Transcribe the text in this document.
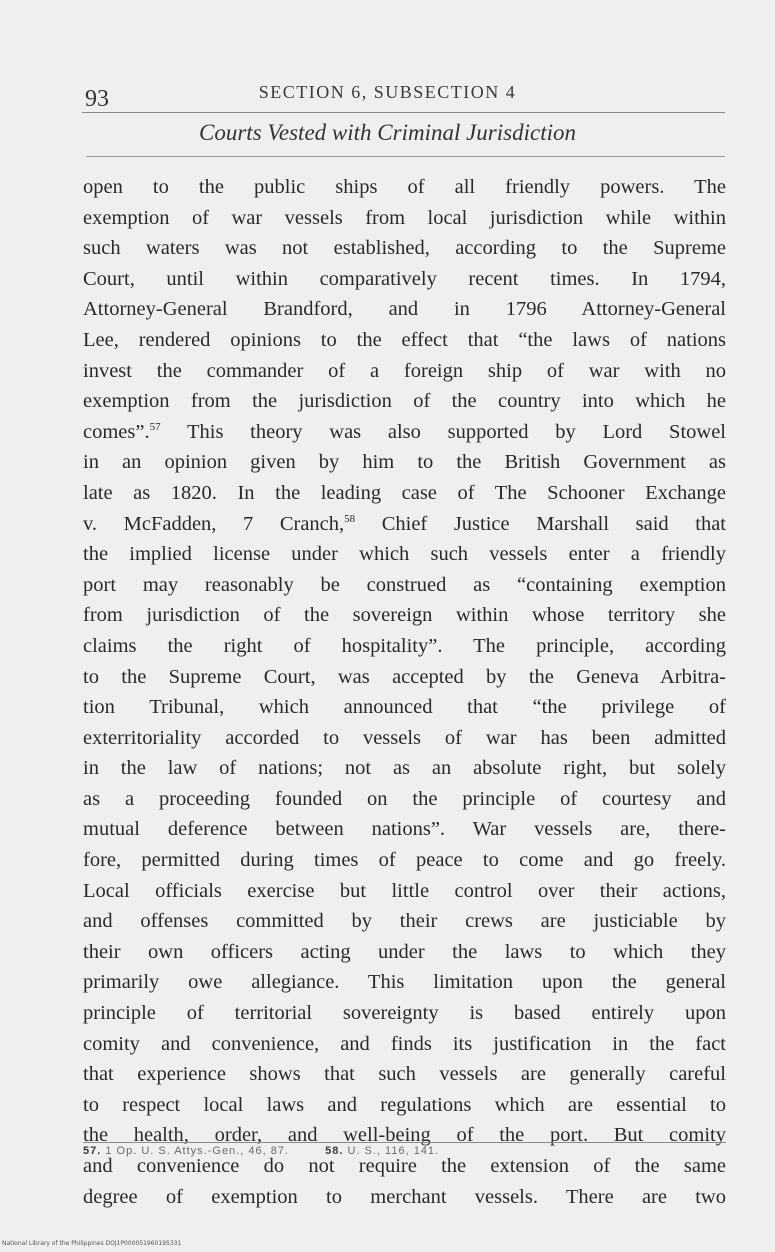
93	SECTION 6, SUBSECTION 4
Courts Vested with Criminal Jurisdiction
open to the public ships of all friendly powers. The
exemption of war vessels from local jurisdiction while within
such waters was not established, according to the Supreme
Court, until within comparatively recent times. In 1794,
Attorney-General Brandford, and in 1796 Attorney-General
Lee, rendered opinions to the effect that “the laws of nations
invest the commander of a foreign ship of war with no
exemption from the jurisdiction of the country into which he
comes”.$^{57}$ This theory was also supported by Lord Stowel
in an opinion given by him to the British Government as
late as 1820. In the leading case of The Schooner Exchange
v. McFadden, 7 Cranch,$^{58}$ Chief Justice Marshall said that
the implied license under which such vessels enter a friendly
port may reasonably be construed as “containing exemption
from jurisdiction of the sovereign within whose territory she
claims the right of hospitality”. The principle, according
to the Supreme Court, was accepted by the Geneva Arbitra-
tion Tribunal, which announced that “the privilege of
exterritoriality accorded to vessels of war has been admitted
in the law of nations; not as an absolute right, but solely
as a proceeding founded on the principle of courtesy and
mutual deference between nations”. War vessels are, there-
fore, permitted during times of peace to come and go freely.
Local officials exercise but little control over their actions,
and offenses committed by their crews are justiciable by
their own officers acting under the laws to which they
primarily owe allegiance. This limitation upon the general
principle of territorial sovereignty is based entirely upon
comity and convenience, and finds its justification in the fact
that experience shows that such vessels are generally careful
to respect local laws and regulations which are essential to
the health, order, and well-being of the port. But comity
and convenience do not require the extension of the same
degree of exemption to merchant vessels. There are two
57. 1 Op. U. S. Attys.-Gen., 46, 87.	58. U. S., 116, 141.
National Library of the Philippines DOJ1P000051960195331
